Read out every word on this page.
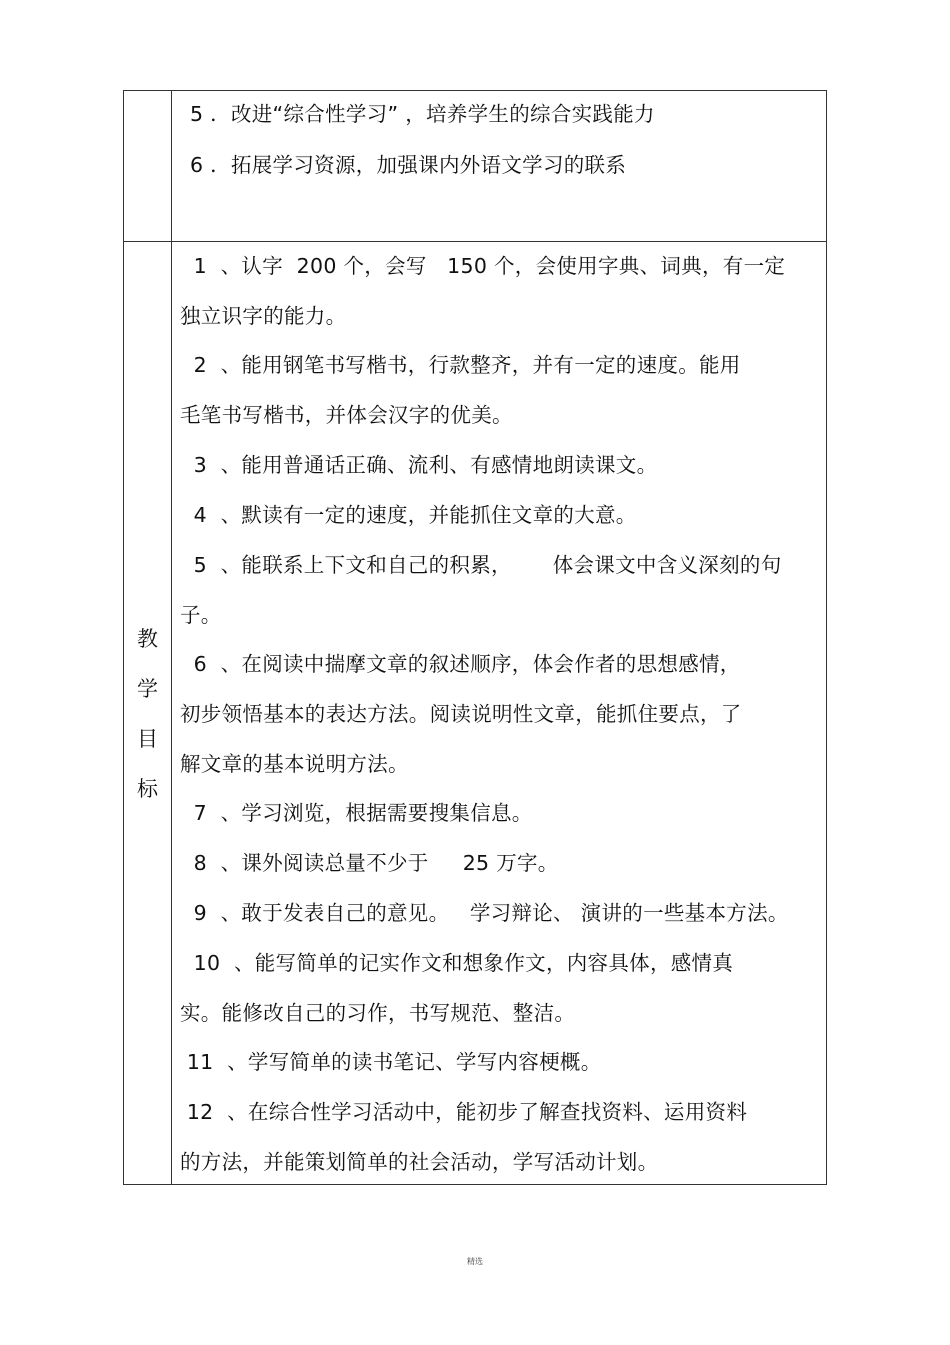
5 ．改进“综合性学习” ，培养学生的综合实践能力
6 ．拓展学习资源，加强课内外语文学习的联系
教
学
目
标
1  、认字  200 个，会写   150 个，会使用字典、词典，有一定
独立识字的能力。
2  、能用钢笔书写楷书，行款整齐，并有一定的速度。能用
毛笔书写楷书，并体会汉字的优美。
3  、能用普通话正确、流利、有感情地朗读课文。
4  、默读有一定的速度，并能抓住文章的大意。
5  、能联系上下文和自己的积累，      体会课文中含义深刻的句
子。
6  、在阅读中揣摩文章的叙述顺序，体会作者的思想感情，
初步领悟基本的表达方法。阅读说明性文章，能抓住要点，了
解文章的基本说明方法。
7  、学习浏览，根据需要搜集信息。
8  、课外阅读总量不少于     25 万字。
9  、敢于发表自己的意见。   学习辩论、 演讲的一些基本方法。
10  、能写简单的记实作文和想象作文，内容具体，感情真
实。能修改自己的习作，书写规范、整洁。
11  、学写简单的读书笔记、学写内容梗概。
12  、在综合性学习活动中，能初步了解查找资料、运用资料
的方法，并能策划简单的社会活动，学写活动计划。
精选
